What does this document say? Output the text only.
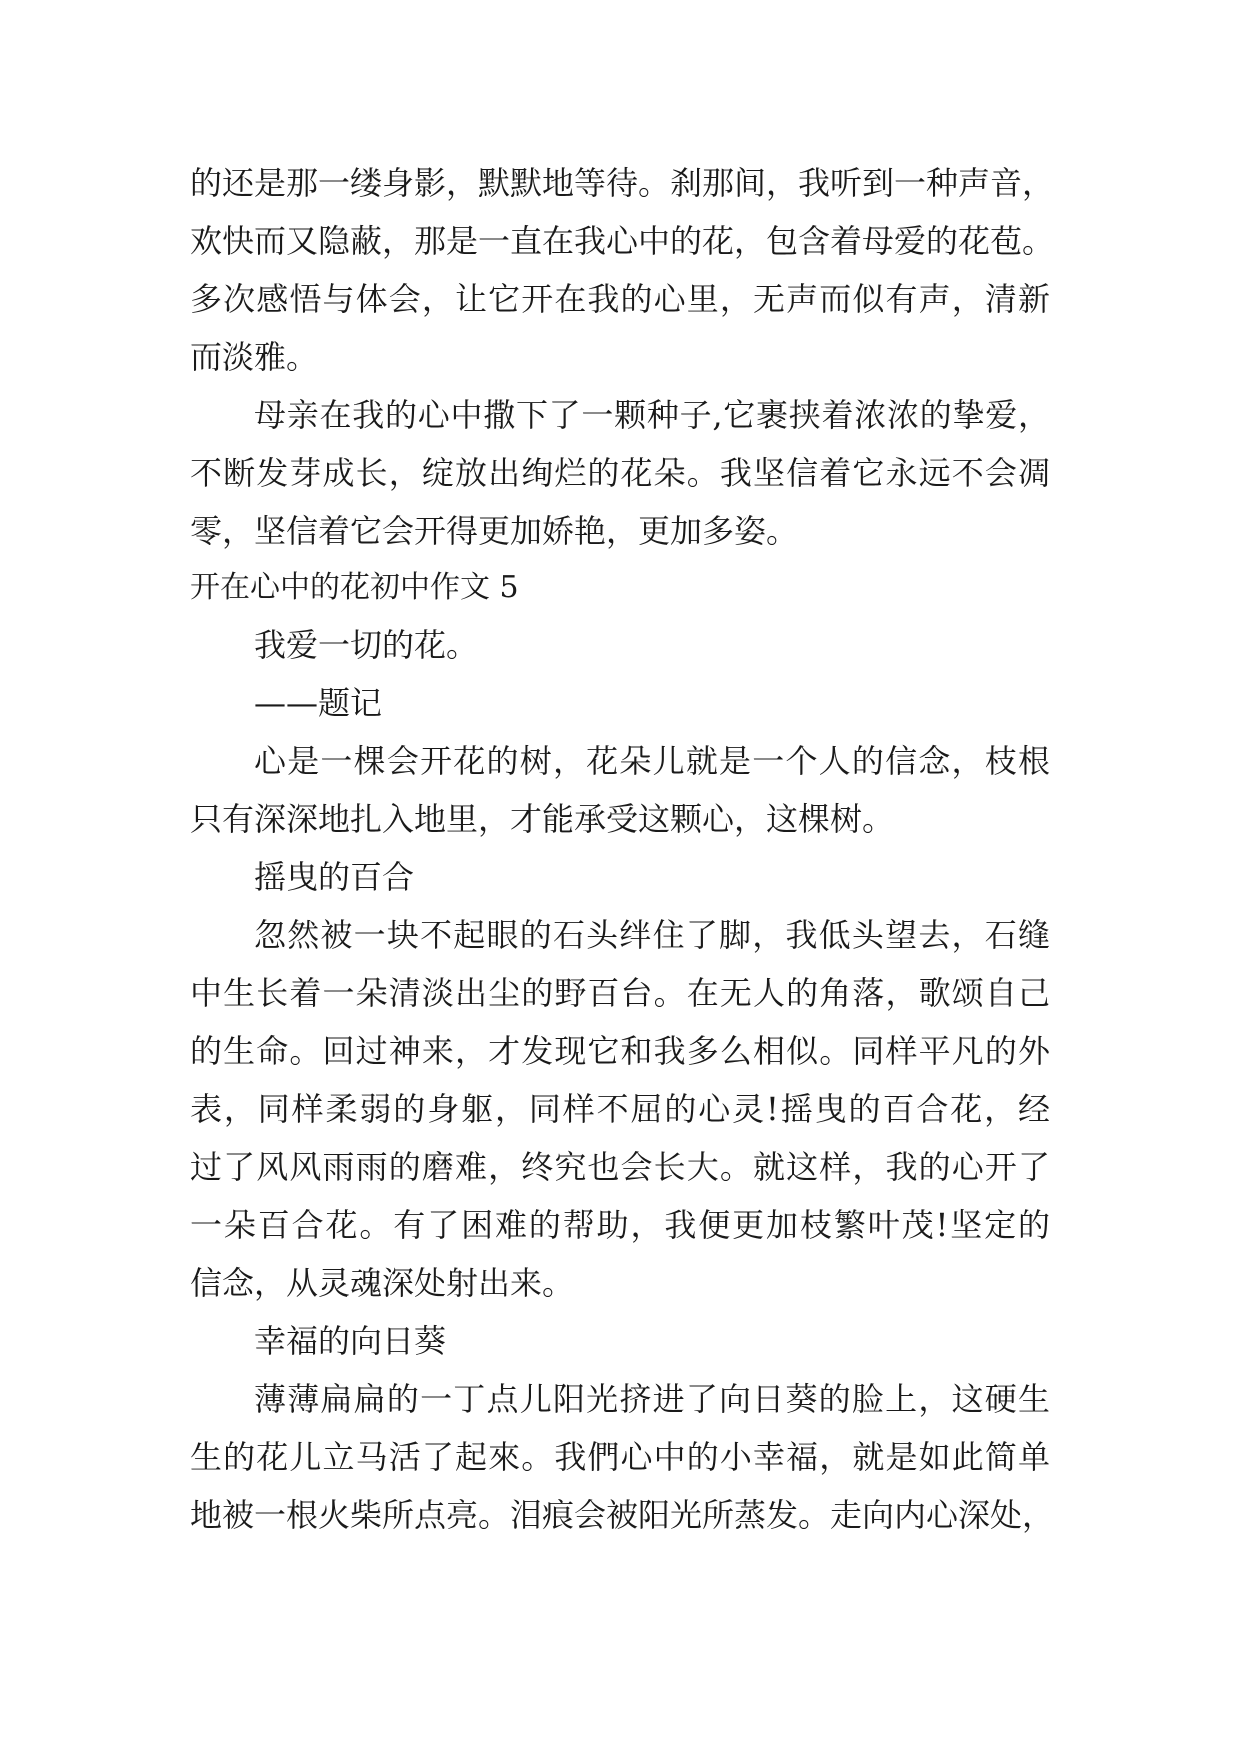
的还是那一缕身影，默默地等待。刹那间，我听到一种声音，
欢快而又隐蔽，那是一直在我心中的花，包含着母爱的花苞。
多次感悟与体会，让它开在我的心里，无声而似有声，清新
而淡雅。
母亲在我的心中撒下了一颗种子,它裹挟着浓浓的挚爱，
不断发芽成长，绽放出绚烂的花朵。我坚信着它永远不会凋
零，坚信着它会开得更加娇艳，更加多姿。
开在心中的花初中作文 5
我爱一切的花。
——题记
心是一棵会开花的树，花朵儿就是一个人的信念，枝根
只有深深地扎入地里，才能承受这颗心，这棵树。
摇曳的百合
忽然被一块不起眼的石头绊住了脚，我低头望去，石缝
中生长着一朵清淡出尘的野百台。在无人的角落，歌颂自己
的生命。回过神来，才发现它和我多么相似。同样平凡的外
表，同样柔弱的身躯，同样不屈的心灵!摇曳的百合花，经
过了风风雨雨的磨难，终究也会长大。就这样，我的心开了
一朵百合花。有了困难的帮助，我便更加枝繁叶茂!坚定的
信念，从灵魂深处射出来。
幸福的向日葵
薄薄扁扁的一丁点儿阳光挤进了向日葵的脸上，这硬生
生的花儿立马活了起來。我們心中的小幸福，就是如此简单
地被一根火柴所点亮。泪痕会被阳光所蒸发。走向内心深处，
